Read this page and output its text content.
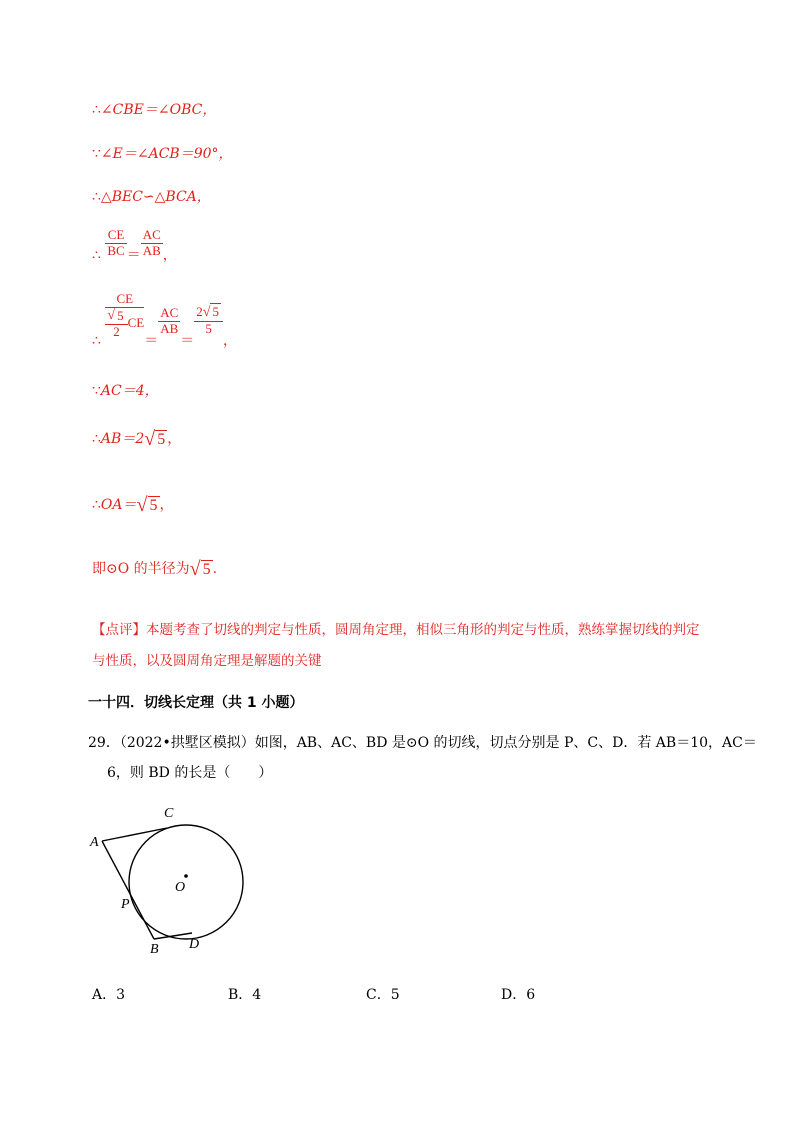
∴∠CBE＝∠OBC，
∵∠E＝∠ACB＝90°，
∴△BEC∽△BCA，
∴ $\frac{CE}{BC} = \frac{AC}{AB}$ ，
∴
$\frac{CE}{\frac{√ 5}{2} CE}$
＝
$\frac{AC}{AB}$
＝
$\frac{2√ 5}{5}$
，
∵AC＝4，
∴AB＝2√ 5 ，
∴OA＝√ 5 ，
即⊙O 的半径为√ 5 .
【点评】本题考查了切线的判定与性质，圆周角定理，相似三角形的判定与性质，熟练掌握切线的判定
与性质，以及圆周角定理是解题的关键
一十四．切线长定理（共 1 小题）
29．（2022•拱墅区模拟）如图，AB、AC、BD 是⊙O 的切线，切点分别是 P、C、D．若 AB＝10，AC＝
6，则 BD 的长是（　　）
A
C
O
P
B D
A．3	B．4	C．5	D．6
